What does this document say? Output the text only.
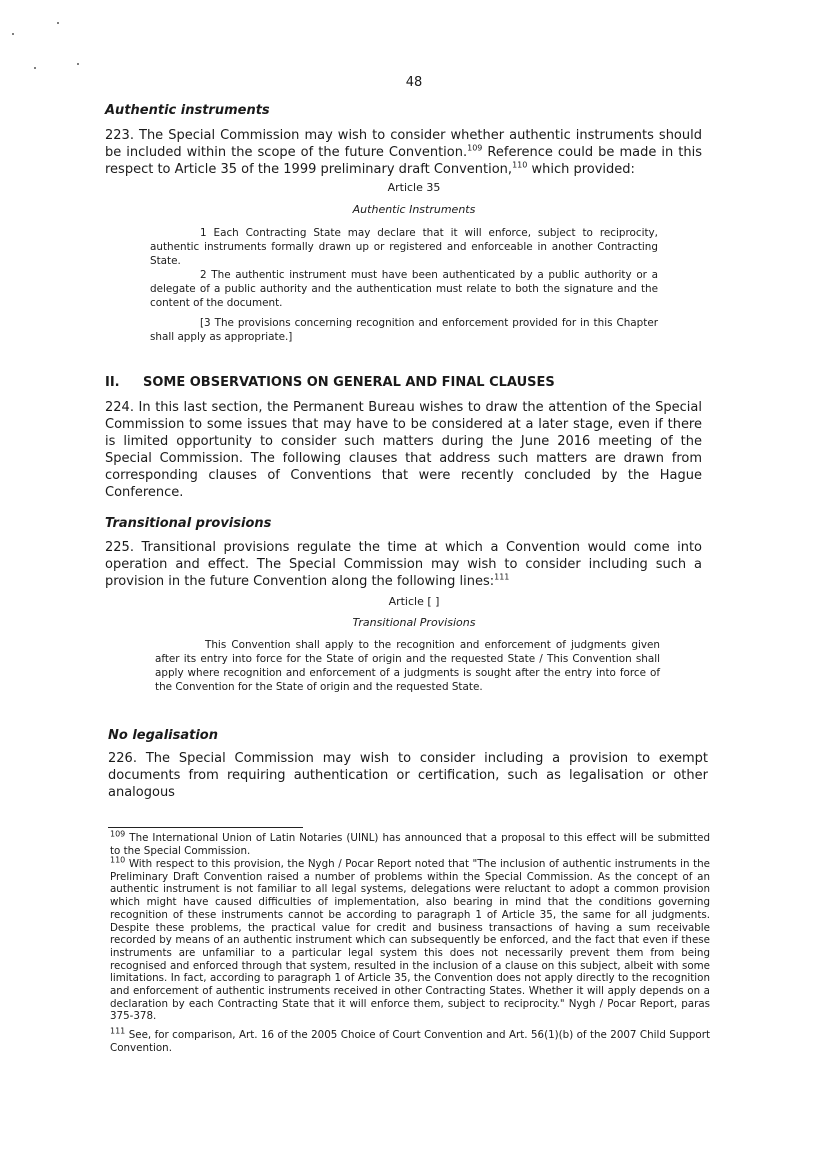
48
Authentic instruments
223. The Special Commission may wish to consider whether authentic instruments should be included within the scope of the future Convention.$^{109}$ Reference could be made in this respect to Article 35 of the 1999 preliminary draft Convention,$^{110}$ which provided:
Article 35
Authentic Instruments
1 Each Contracting State may declare that it will enforce, subject to reciprocity, authentic instruments formally drawn up or registered and enforceable in another Contracting State.
2 The authentic instrument must have been authenticated by a public authority or a delegate of a public authority and the authentication must relate to both the signature and the content of the document.
[3 The provisions concerning recognition and enforcement provided for in this Chapter shall apply as appropriate.]
II. SOME OBSERVATIONS ON GENERAL AND FINAL CLAUSES
224. In this last section, the Permanent Bureau wishes to draw the attention of the Special Commission to some issues that may have to be considered at a later stage, even if there is limited opportunity to consider such matters during the June 2016 meeting of the Special Commission. The following clauses that address such matters are drawn from corresponding clauses of Conventions that were recently concluded by the Hague Conference.
Transitional provisions
225. Transitional provisions regulate the time at which a Convention would come into operation and effect. The Special Commission may wish to consider including such a provision in the future Convention along the following lines:$^{111}$
Article [ ]
Transitional Provisions
This Convention shall apply to the recognition and enforcement of judgments given after its entry into force for the State of origin and the requested State / This Convention shall apply where recognition and enforcement of a judgments is sought after the entry into force of the Convention for the State of origin and the requested State.
No legalisation
226. The Special Commission may wish to consider including a provision to exempt documents from requiring authentication or certification, such as legalisation or other analogous
$^{109}$ The International Union of Latin Notaries (UINL) has announced that a proposal to this effect will be submitted to the Special Commission.
$^{110}$ With respect to this provision, the Nygh / Pocar Report noted that "The inclusion of authentic instruments in the Preliminary Draft Convention raised a number of problems within the Special Commission. As the concept of an authentic instrument is not familiar to all legal systems, delegations were reluctant to adopt a common provision which might have caused difficulties of implementation, also bearing in mind that the conditions governing recognition of these instruments cannot be according to paragraph 1 of Article 35, the same for all judgments. Despite these problems, the practical value for credit and business transactions of having a sum receivable recorded by means of an authentic instrument which can subsequently be enforced, and the fact that even if these instruments are unfamiliar to a particular legal system this does not necessarily prevent them from being recognised and enforced through that system, resulted in the inclusion of a clause on this subject, albeit with some limitations. In fact, according to paragraph 1 of Article 35, the Convention does not apply directly to the recognition and enforcement of authentic instruments received in other Contracting States. Whether it will apply depends on a declaration by each Contracting State that it will enforce them, subject to reciprocity." Nygh / Pocar Report, paras 375-378.
$^{111}$ See, for comparison, Art. 16 of the 2005 Choice of Court Convention and Art. 56(1)(b) of the 2007 Child Support Convention.
